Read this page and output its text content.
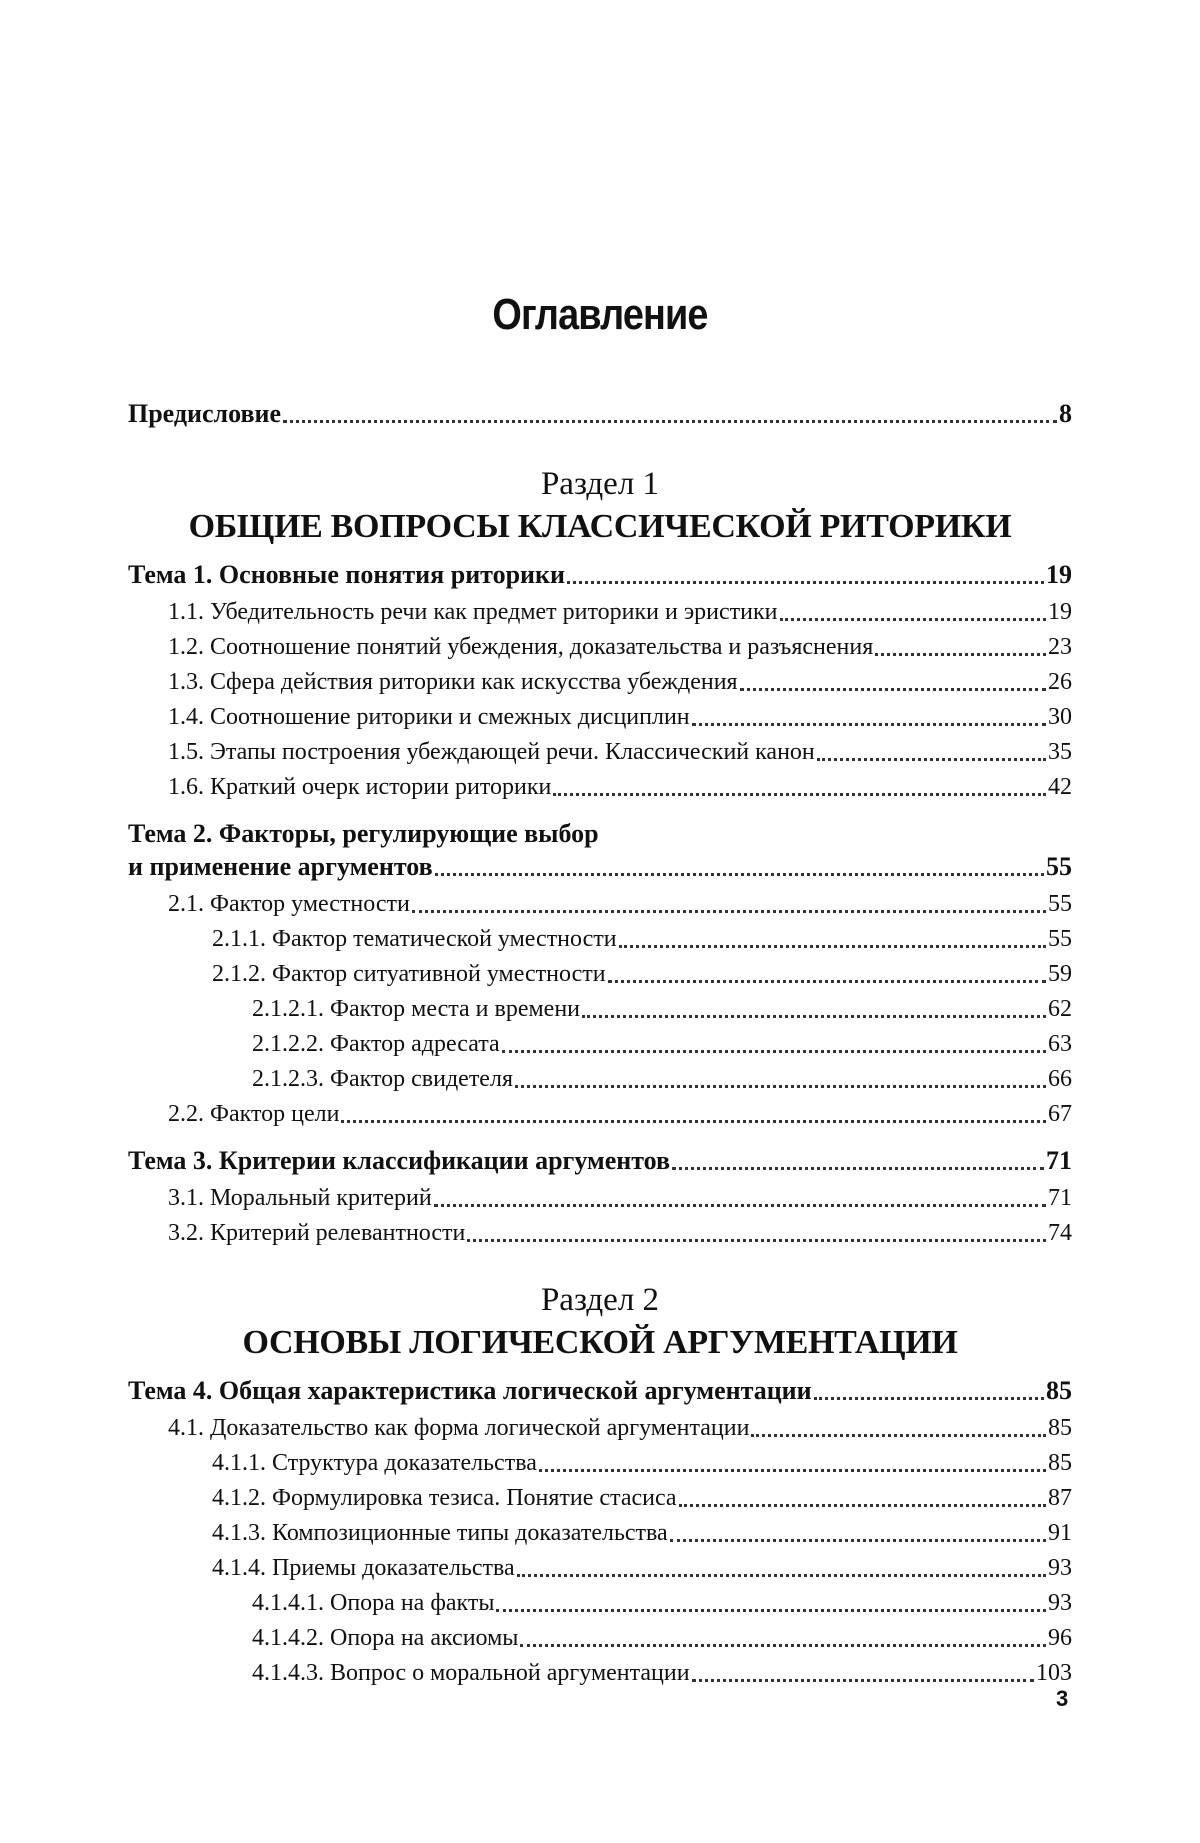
Оглавление
Предисловие	8
Раздел 1
ОБЩИЕ ВОПРОСЫ КЛАССИЧЕСКОЙ РИТОРИКИ
Тема 1. Основные понятия риторики	19
1.1. Убедительность речи как предмет риторики и эристики	19
1.2. Соотношение понятий убеждения, доказательства и разъяснения	23
1.3. Сфера действия риторики как искусства убеждения	26
1.4. Соотношение риторики и смежных дисциплин	30
1.5. Этапы построения убеждающей речи. Классический канон	35
1.6. Краткий очерк истории риторики	42
Тема 2. Факторы, регулирующие выбор
и применение аргументов	55
2.1. Фактор уместности	55
2.1.1. Фактор тематической уместности	55
2.1.2. Фактор ситуативной уместности	59
2.1.2.1. Фактор места и времени	62
2.1.2.2. Фактор адресата	63
2.1.2.3. Фактор свидетеля	66
2.2. Фактор цели	67
Тема 3. Критерии классификации аргументов	71
3.1. Моральный критерий	71
3.2. Критерий релевантности	74
Раздел 2
ОСНОВЫ ЛОГИЧЕСКОЙ АРГУМЕНТАЦИИ
Тема 4. Общая характеристика логической аргументации	85
4.1. Доказательство как форма логической аргументации	85
4.1.1. Структура доказательства	85
4.1.2. Формулировка тезиса. Понятие стасиса	87
4.1.3. Композиционные типы доказательства	91
4.1.4. Приемы доказательства	93
4.1.4.1. Опора на факты	93
4.1.4.2. Опора на аксиомы	96
4.1.4.3. Вопрос о моральной аргументации	103
3
